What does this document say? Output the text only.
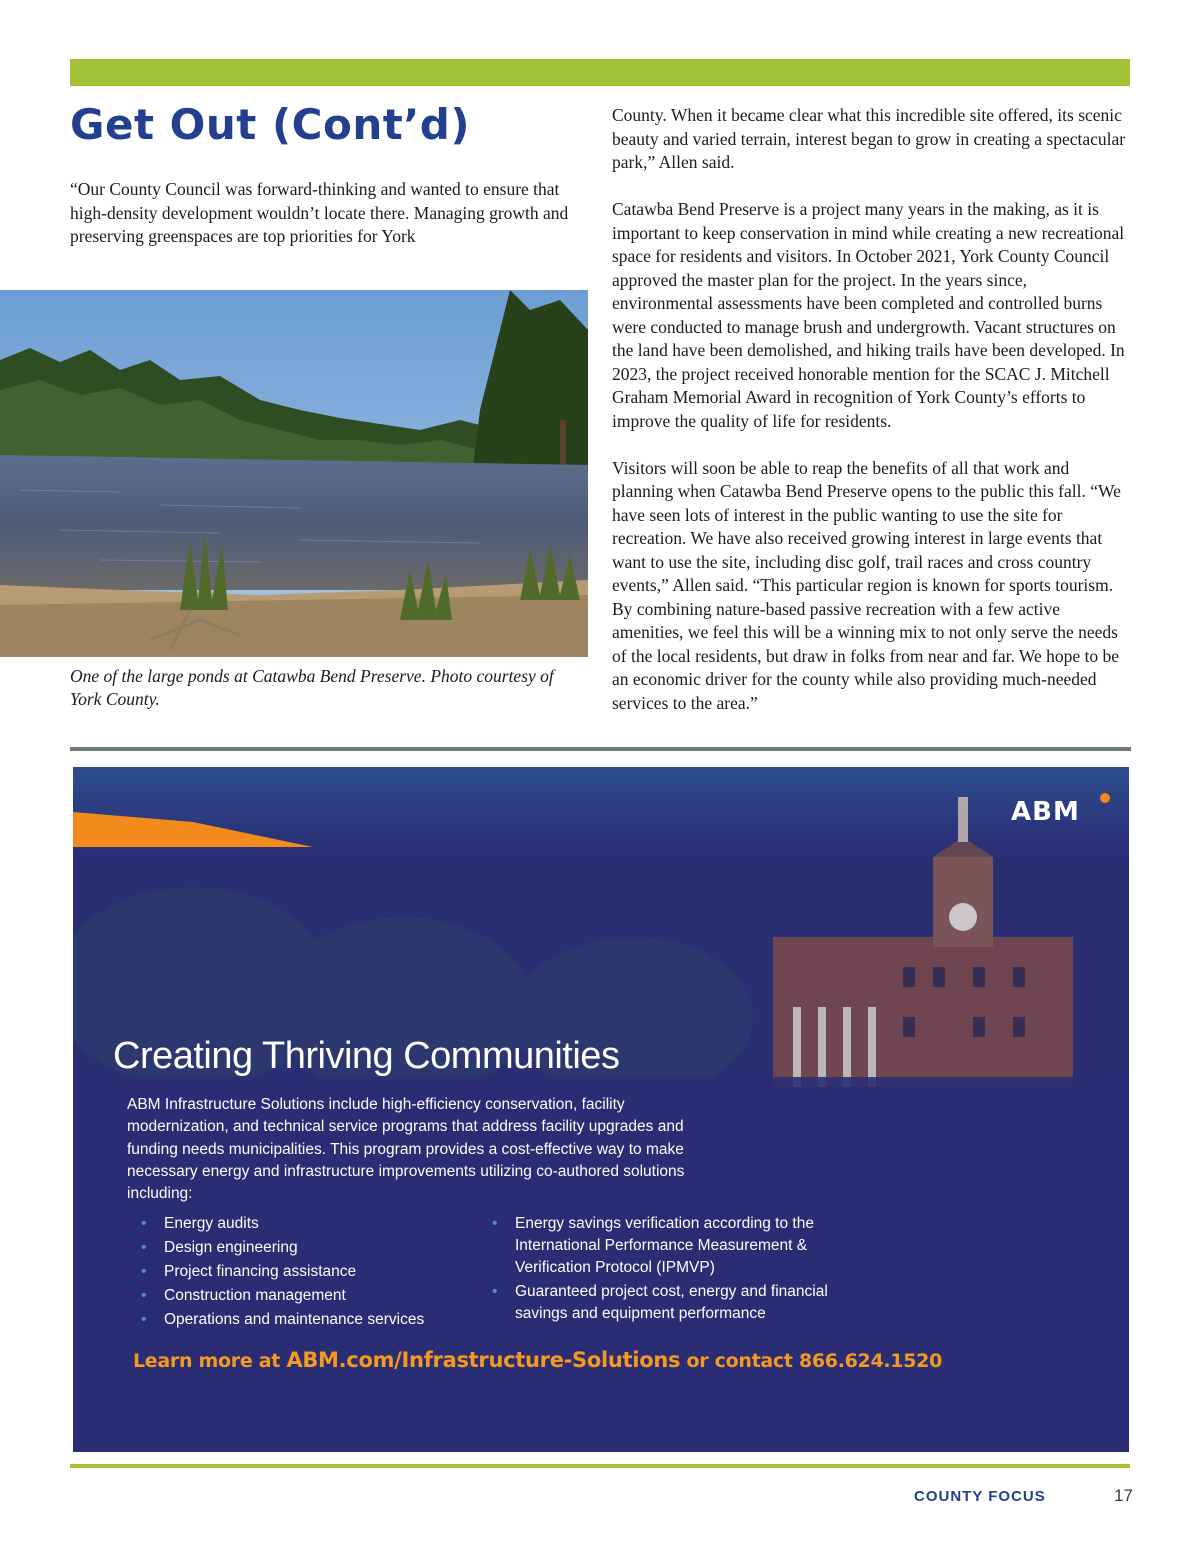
Get Out (Cont’d)

“Our County Council was forward-thinking and wanted to ensure that high-density development wouldn’t locate there. Managing growth and preserving greenspaces are top priorities for York

One of the large ponds at Catawba Bend Preserve. Photo courtesy of York County.

County. When it became clear what this incredible site offered, its scenic beauty and varied terrain, interest began to grow in creating a spectacular park,” Allen said.

Catawba Bend Preserve is a project many years in the making, as it is important to keep conservation in mind while creating a new recreational space for residents and visitors. In October 2021, York County Council approved the master plan for the project. In the years since, environmental assessments have been completed and controlled burns were conducted to manage brush and undergrowth. Vacant structures on the land have been demolished, and hiking trails have been developed. In 2023, the project received honorable mention for the SCAC J. Mitchell Graham Memorial Award in recognition of York County’s efforts to improve the quality of life for residents.

Visitors will soon be able to reap the benefits of all that work and planning when Catawba Bend Preserve opens to the public this fall. “We have seen lots of interest in the public wanting to use the site for recreation. We have also received growing interest in large events that want to use the site, including disc golf, trail races and cross country events,” Allen said. “This particular region is known for sports tourism. By combining nature-based passive recreation with a few active amenities, we feel this will be a winning mix to not only serve the needs of the local residents, but draw in folks from near and far. We hope to be an economic driver for the county while also providing much-needed services to the area.”

ABM
Creating Thriving Communities

ABM Infrastructure Solutions include high-efficiency conservation, facility modernization, and technical service programs that address facility upgrades and funding needs municipalities. This program provides a cost-effective way to make necessary energy and infrastructure improvements utilizing co-authored solutions including:

• Energy audits
• Design engineering
• Project financing assistance
• Construction management
• Operations and maintenance services
• Energy savings verification according to the International Performance Measurement & Verification Protocol (IPMVP)
• Guaranteed project cost, energy and financial savings and equipment performance

Learn more at ABM.com/Infrastructure-Solutions or contact 866.624.1520

COUNTY FOCUS	17
